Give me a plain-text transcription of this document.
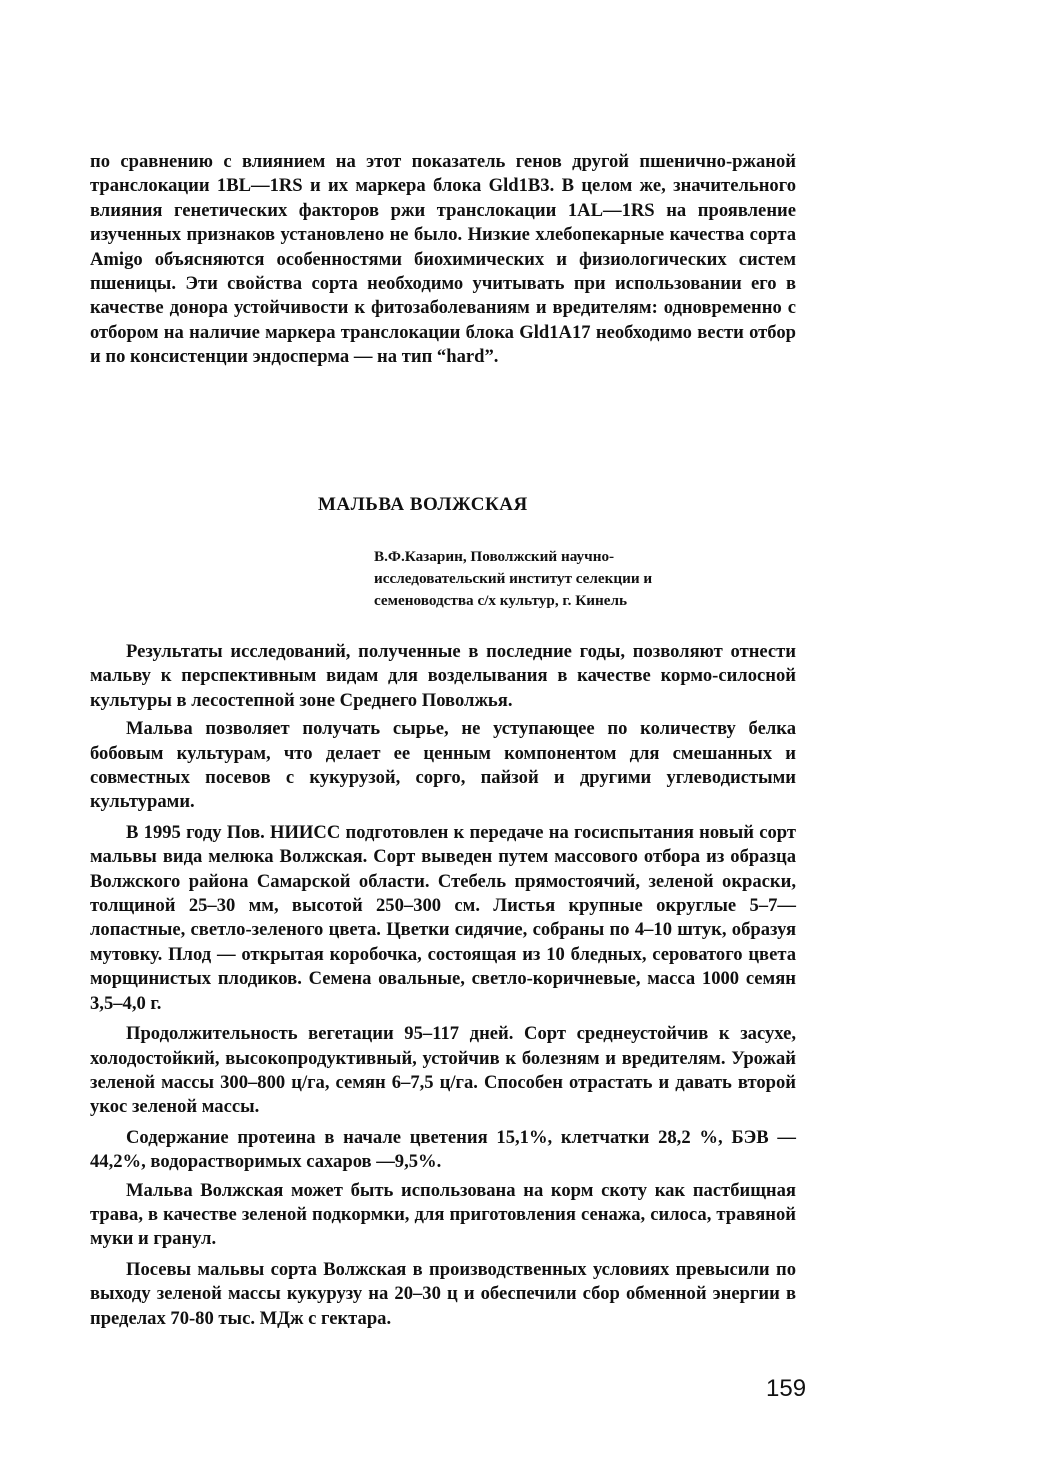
по сравнению с влиянием на этот показатель генов другой пшенично-ржаной транслокации 1BL—1RS и их маркера блока Gld1B3. В целом же, значительного влияния генетических факторов ржи транслокации 1AL—1RS на проявление изученных признаков установлено не было. Низкие хлебопекарные качества сорта Amigo объясняются особенностями биохимических и физиологических систем пшеницы. Эти свойства сорта необходимо учитывать при использовании его в качестве донора устойчивости к фитозаболеваниям и вредителям: одновременно с отбором на наличие маркера транслокации блока Gld1A17 необходимо вести отбор и по консистенции эндосперма — на тип “hard”.

МАЛЬВА ВОЛЖСКАЯ
В.Ф.Казарин, Поволжский научно-исследовательский институт селекции и семеноводства с/х культур, г. Кинель

Результаты исследований, полученные в последние годы, позволяют отнести мальву к перспективным видам для возделывания в качестве кормо-силосной культуры в лесостепной зоне Среднего Поволжья.

Мальва позволяет получать сырье, не уступающее по количеству белка бобовым культурам, что делает ее ценным компонентом для смешанных и совместных посевов с кукурузой, сорго, пайзой и другими углеводистыми культурами.

В 1995 году Пов. НИИСС подготовлен к передаче на госиспытания новый сорт мальвы вида мелюка Волжская. Сорт выведен путем массового отбора из образца Волжского района Самарской области. Стебель прямостоячий, зеленой окраски, толщиной 25–30 мм, высотой 250–300 см. Листья крупные округлые 5–7—лопастные, светло-зеленого цвета. Цветки сидячие, собраны по 4–10 штук, образуя мутовку. Плод — открытая коробочка, состоящая из 10 бледных, сероватого цвета морщинистых плодиков. Семена овальные, светло-коричневые, масса 1000 семян 3,5–4,0 г.

Продолжительность вегетации 95–117 дней. Сорт среднеустойчив к засухе, холодостойкий, высокопродуктивный, устойчив к болезням и вредителям. Урожай зеленой массы 300–800 ц/га, семян 6–7,5 ц/га. Способен отрастать и давать второй укос зеленой массы.

Содержание протеина в начале цветения 15,1%, клетчатки 28,2 %, БЭВ — 44,2%, водорастворимых сахаров —9,5%.

Мальва Волжская может быть использована на корм скоту как пастбищная трава, в качестве зеленой подкормки, для приготовления сенажа, силоса, травяной муки и гранул.

Посевы мальвы сорта Волжская в производственных условиях превысили по выходу зеленой массы кукурузу на 20–30 ц и обеспечили сбор обменной энергии в пределах 70-80 тыс. МДж с гектара.

159
